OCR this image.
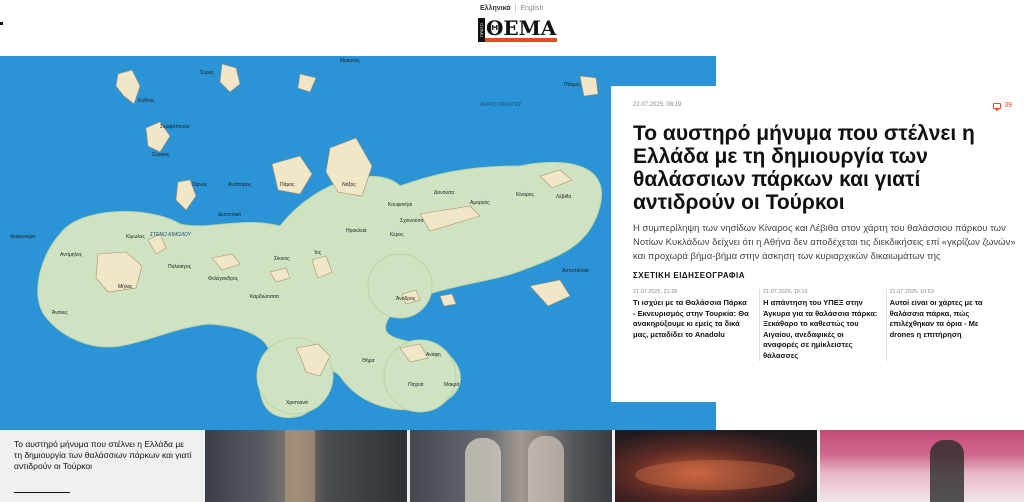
Ελληνικά | English
ΠΡΩΤΟ ΘΕΜΑ
Σύρος
Κύθνος
Σεριφόπουλα
Σέριφος
Σίφνος	Πάρος	Νάξος
Αντίπαρος
Δεσποτικό
Κίμωλος
Μήλος
Αντίμηλος
Άνανες
Πολύαιγος
Φολέγανδρος
Σίκινος
Ίος
Καρδιώτισσα
Αμοργός
Λέβιθα
Κίναρος
Δονούσα
Σχοινούσα
Κουφονήσι
Κέρος
Ηρακλειά
Άνυδρος
Θήρα
Ανάφη
Χριστιανά
Παχειά	Μακρά
Αστυπάλαια
Πάτμος
Μύκονος
Φαλκονέρα	ΣΤΕΝΟ ΚΙΜΩΛΟΥ
ΙΚΑΡΙΟ ΠΕΛΑΓΟΣ	22.07.2025, 08:19	39
Το αυστηρό μήνυμα που στέλνει η Ελλάδα με τη δημιουργία των θαλάσσιων πάρκων και γιατί αντιδρούν οι Τούρκοι
Η συμπερίληψη των νησίδων Κίναρος και Λέβιθα στον χάρτη του θαλάσσιου πάρκου των Νοτίων Κυκλάδων δείχνει ότι η Αθήνα δεν αποδέχεται τις διεκδικήσεις επί «γκρίζων ζωνών» και προχωρά βήμα-βήμα στην άσκηση των κυριαρχικών δικαιωμάτων της
ΣΧΕΤΙΚΗ ΕΙΔΗΣΕΟΓΡΑΦΙΑ
21.07.2025, 21:28
Τι ισχύει με τα Θαλάσσια Πάρκα - Εκνευρισμός στην Τουρκία: Θα ανακηρύξουμε κι εμείς τα δικά μας, μεταδίδει το Anadolu
21.07.2025, 15:13
Η απάντηση του ΥΠΕΞ στην Άγκυρα για τα θαλάσσια πάρκα: Ξεκάθαρο το καθεστώς του Αιγαίου, ανεδαφικές οι αναφορές σε ημίκλειστες θάλασσες
21.07.2025, 10:53
Αυτοί είναι οι χάρτες με τα θαλάσσια πάρκα, πώς επιλέχθηκαν τα όρια - Με drones η επιτήρηση
Το αυστηρό μήνυμα που στέλνει η Ελλάδα με τη δημιουργία των θαλάσσιων πάρκων και γιατί αντιδρούν οι Τούρκοι
